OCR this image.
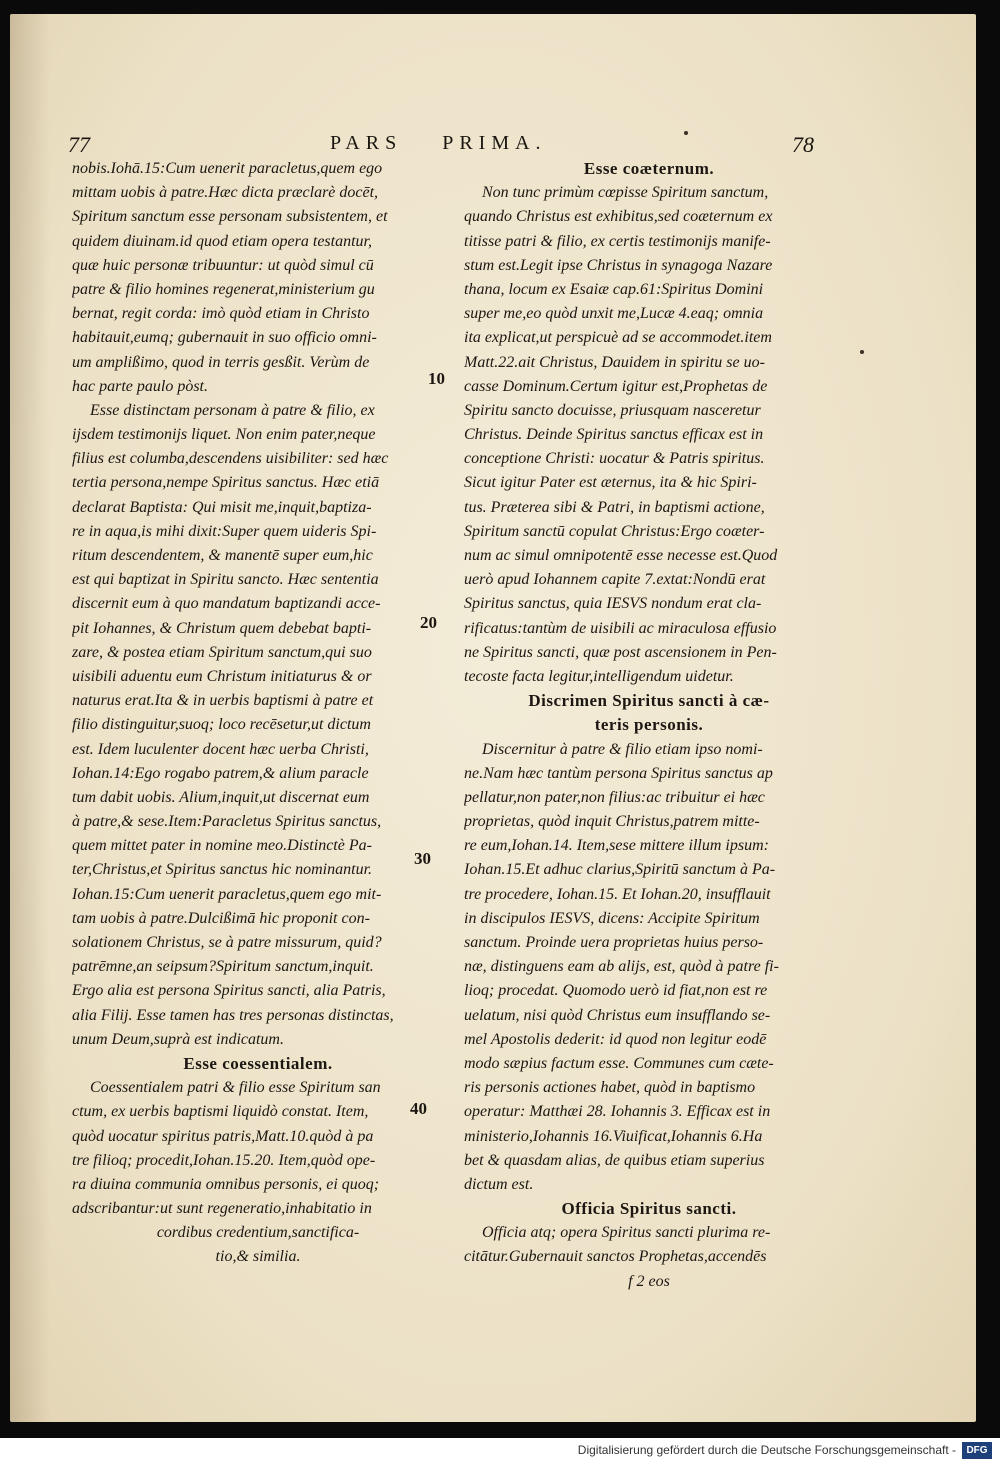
77	PARS PRIMA.	78
nobis.Iohā.15:Cum uenerit paracletus,quem ego
mittam uobis à patre.Hæc dicta præclarè docēt,
Spiritum sanctum esse personam subsistentem, et
quidem diuinam.id quod etiam opera testantur,
quæ huic personæ tribuuntur: ut quòd simul cū
patre & filio homines regenerat,ministerium gu
bernat, regit corda: imò quòd etiam in Christo
habitauit,eumq; gubernauit in suo officio omni-
um amplißimo, quod in terris gesßit. Verùm de
hac parte paulo pòst.
Esse distinctam personam à patre & filio, ex
ijsdem testimonijs liquet. Non enim pater,neque
filius est columba,descendens uisibiliter: sed hæc
tertia persona,nempe Spiritus sanctus. Hæc etiā
declarat Baptista: Qui misit me,inquit,baptiza-
re in aqua,is mihi dixit:Super quem uideris Spi-
ritum descendentem, & manentē super eum,hic
est qui baptizat in Spiritu sancto. Hæc sententia
discernit eum à quo mandatum baptizandi acce-
pit Iohannes, & Christum quem debebat bapti-
zare, & postea etiam Spiritum sanctum,qui suo
uisibili aduentu eum Christum initiaturus & or
naturus erat.Ita & in uerbis baptismi à patre et
filio distinguitur,suoq; loco recēsetur,ut dictum
est. Idem luculenter docent hæc uerba Christi,
Iohan.14:Ego rogabo patrem,& alium paracle
tum dabit uobis. Alium,inquit,ut discernat eum
à patre,& sese.Item:Paracletus Spiritus sanctus,
quem mittet pater in nomine meo.Distinctè Pa-
ter,Christus,et Spiritus sanctus hic nominantur.
Iohan.15:Cum uenerit paracletus,quem ego mit-
tam uobis à patre.Dulcißimā hic proponit con-
solationem Christus, se à patre missurum, quid?
patrēmne,an seipsum?Spiritum sanctum,inquit.
Ergo alia est persona Spiritus sancti, alia Patris,
alia Filij. Esse tamen has tres personas distinctas,
unum Deum,suprà est indicatum.
Esse coessentialem.
Coessentialem patri & filio esse Spiritum san
ctum, ex uerbis baptismi liquidò constat. Item,
quòd uocatur spiritus patris,Matt.10.quòd à pa
tre filioq; procedit,Iohan.15.20. Item,quòd ope-
ra diuina communia omnibus personis, ei quoq;
adscribantur:ut sunt regeneratio,inhabitatio in
cordibus credentium,sanctifica-
tio,& similia.
Esse coæternum.
Non tunc primùm cœpisse Spiritum sanctum,
quando Christus est exhibitus,sed coæternum ex
titisse patri & filio, ex certis testimonijs manife-
stum est.Legit ipse Christus in synagoga Nazare
thana, locum ex Esaiæ cap.61:Spiritus Domini
super me,eo quòd unxit me,Lucæ 4.eaq; omnia
ita explicat,ut perspicuè ad se accommodet.item
Matt.22.ait Christus, Dauidem in spiritu se uo-
casse Dominum.Certum igitur est,Prophetas de
Spiritu sancto docuisse, priusquam nasceretur
Christus. Deinde Spiritus sanctus efficax est in
conceptione Christi: uocatur & Patris spiritus.
Sicut igitur Pater est æternus, ita & hic Spiri-
tus. Præterea sibi & Patri, in baptismi actione,
Spiritum sanctū copulat Christus:Ergo coæter-
num ac simul omnipotentē esse necesse est.Quod
uerò apud Iohannem capite 7.extat:Nondū erat
Spiritus sanctus, quia IESVS nondum erat cla-
rificatus:tantùm de uisibili ac miraculosa effusio
ne Spiritus sancti, quæ post ascensionem in Pen-
tecoste facta legitur,intelligendum uidetur.
Discrimen Spiritus sancti à cæ-
teris personis.
Discernitur à patre & filio etiam ipso nomi-
ne.Nam hæc tantùm persona Spiritus sanctus ap
pellatur,non pater,non filius:ac tribuitur ei hæc
proprietas, quòd inquit Christus,patrem mitte-
re eum,Iohan.14. Item,sese mittere illum ipsum:
Iohan.15.Et adhuc clarius,Spiritū sanctum à Pa-
tre procedere, Iohan.15. Et Iohan.20, insufflauit
in discipulos IESVS, dicens: Accipite Spiritum
sanctum. Proinde uera proprietas huius perso-
næ, distinguens eam ab alijs, est, quòd à patre fi-
lioq; procedat. Quomodo uerò id fiat,non est re
uelatum, nisi quòd Christus eum insufflando se-
mel Apostolis dederit: id quod non legitur eodē
modo sæpius factum esse. Communes cum cæte-
ris personis actiones habet, quòd in baptismo
operatur: Matthæi 28. Iohannis 3. Efficax est in
ministerio,Iohannis 16.Viuificat,Iohannis 6.Ha
bet & quasdam alias, de quibus etiam superius
dictum est.
Officia Spiritus sancti.
Officia atq; opera Spiritus sancti plurima re-
citātur.Gubernauit sanctos Prophetas,accendēs
f 2 eos
10
20
30
40
Digitalisierung gefördert durch die Deutsche Forschungsgemeinschaft -	DFG
